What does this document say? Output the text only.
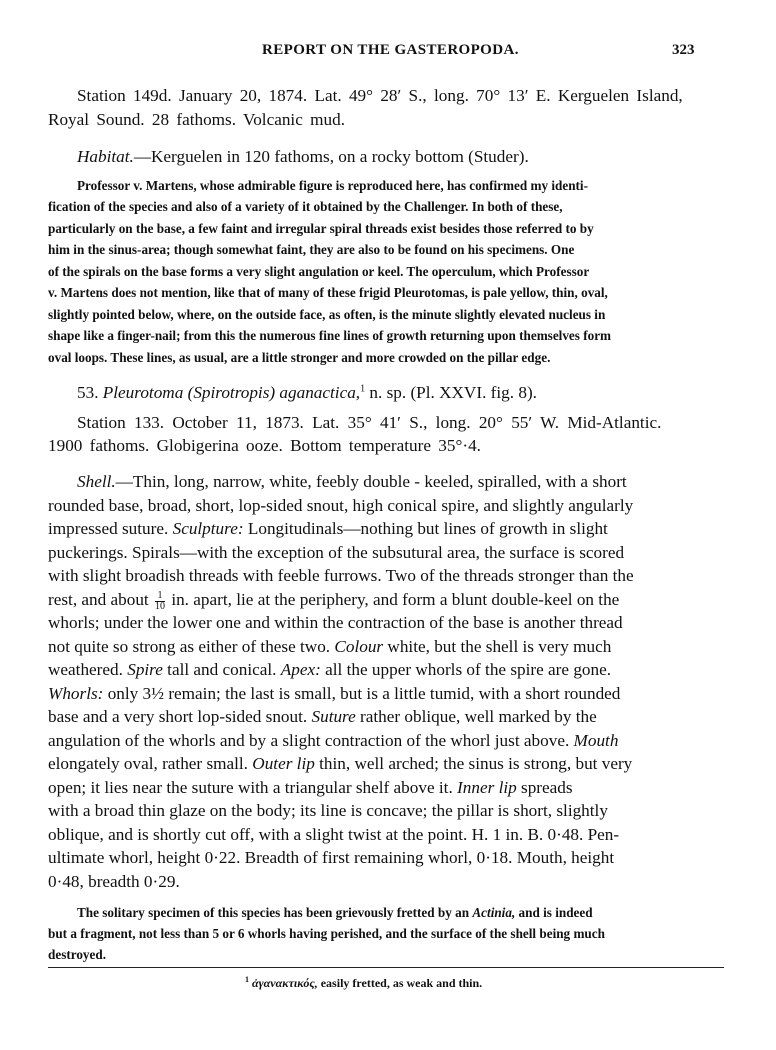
REPORT ON THE GASTEROPODA.	323
Station 149d. January 20, 1874. Lat. 49° 28′ S., long. 70° 13′ E. Kerguelen Island,
Royal Sound. 28 fathoms. Volcanic mud.
Habitat.—Kerguelen in 120 fathoms, on a rocky bottom (Studer).
Professor v. Martens, whose admirable figure is reproduced here, has confirmed my identi-
fication of the species and also of a variety of it obtained by the Challenger. In both of these,
particularly on the base, a few faint and irregular spiral threads exist besides those referred to by
him in the sinus-area; though somewhat faint, they are also to be found on his specimens. One
of the spirals on the base forms a very slight angulation or keel. The operculum, which Professor
v. Martens does not mention, like that of many of these frigid Pleurotomas, is pale yellow, thin, oval,
slightly pointed below, where, on the outside face, as often, is the minute slightly elevated nucleus in
shape like a finger-nail; from this the numerous fine lines of growth returning upon themselves form
oval loops. These lines, as usual, are a little stronger and more crowded on the pillar edge.
53. Pleurotoma (Spirotropis) aganactica,$^1$ n. sp. (Pl. XXVI. fig. 8).
Station 133. October 11, 1873. Lat. 35° 41′ S., long. 20° 55′ W. Mid-Atlantic.
1900 fathoms. Globigerina ooze. Bottom temperature 35°·4.
Shell.—Thin, long, narrow, white, feebly double - keeled, spiralled, with a short
rounded base, broad, short, lop-sided snout, high conical spire, and slightly angularly
impressed suture. Sculpture: Longitudinals—nothing but lines of growth in slight
puckerings. Spirals—with the exception of the subsutural area, the surface is scored
with slight broadish threads with feeble furrows. Two of the threads stronger than the
rest, and about $\frac{1}{10}$ in. apart, lie at the periphery, and form a blunt double-keel on the
whorls; under the lower one and within the contraction of the base is another thread
not quite so strong as either of these two. Colour white, but the shell is very much
weathered. Spire tall and conical. Apex: all the upper whorls of the spire are gone.
Whorls: only 3½ remain; the last is small, but is a little tumid, with a short rounded
base and a very short lop-sided snout. Suture rather oblique, well marked by the
angulation of the whorls and by a slight contraction of the whorl just above. Mouth
elongately oval, rather small. Outer lip thin, well arched; the sinus is strong, but very
open; it lies near the suture with a triangular shelf above it. Inner lip spreads
with a broad thin glaze on the body; its line is concave; the pillar is short, slightly
oblique, and is shortly cut off, with a slight twist at the point. H. 1 in. B. 0·48. Pen-
ultimate whorl, height 0·22. Breadth of first remaining whorl, 0·18. Mouth, height
0·48, breadth 0·29.
The solitary specimen of this species has been grievously fretted by an Actinia, and is indeed
but a fragment, not less than 5 or 6 whorls having perished, and the surface of the shell being much
destroyed.
$^1$ ἀγανακτικός, easily fretted, as weak and thin.
